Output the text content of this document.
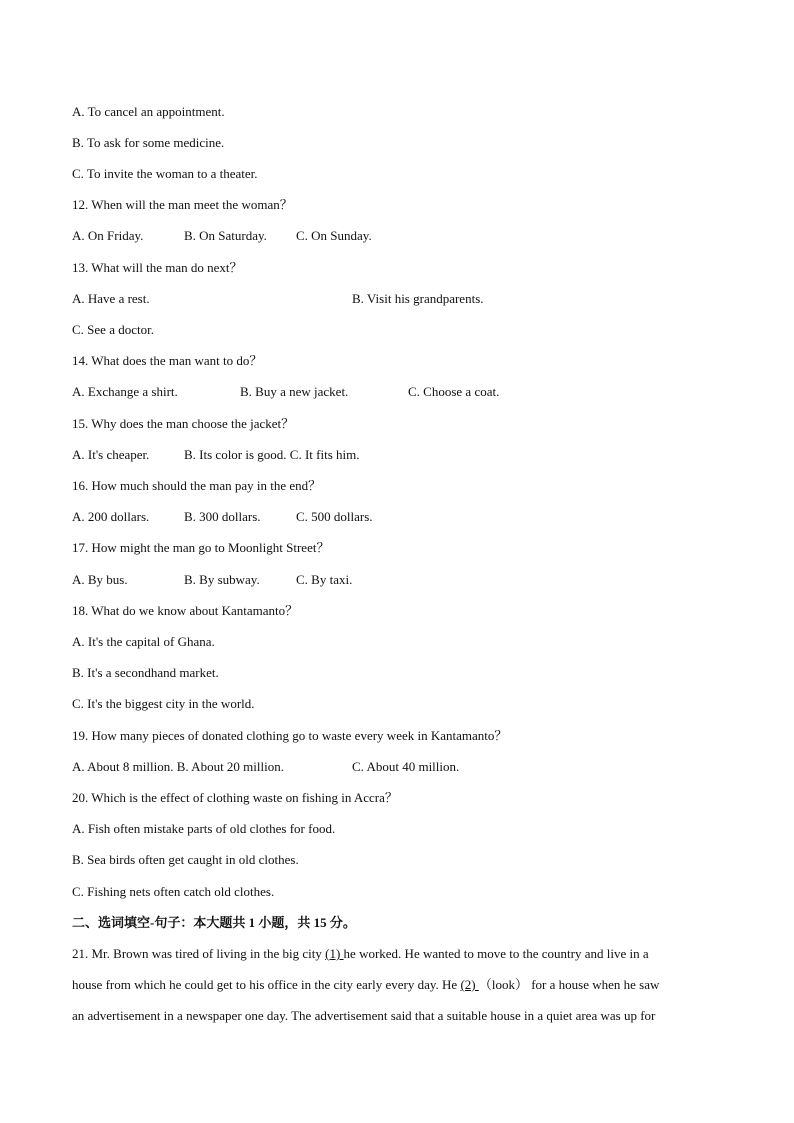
A. To cancel an appointment.
B. To ask for some medicine.
C. To invite the woman to a theater.
12. When will the man meet the woman？
A. On Friday.	B. On Saturday. C. On Sunday.
13. What will the man do next？
A. Have a rest.	B. Visit his grandparents.
C. See a doctor.
14. What does the man want to do？
A. Exchange a shirt.	B. Buy a new jacket.	C. Choose a coat.
15. Why does the man choose the jacket？
A. It's cheaper.	B. Its color is good. C. It fits him.
16. How much should the man pay in the end？
A. 200 dollars.	B. 300 dollars.	C. 500 dollars.
17. How might the man go to Moonlight Street？
A. By bus.	B. By subway.	C. By taxi.
18. What do we know about Kantamanto？
A. It's the capital of Ghana.
B. It's a secondhand market.
C. It's the biggest city in the world.
19. How many pieces of donated clothing go to waste every week in Kantamanto？
A. About 8 million. B. About 20 million.	C. About 40 million.
20. Which is the effect of clothing waste on fishing in Accra？
A. Fish often mistake parts of old clothes for food.
B. Sea birds often get caught in old clothes.
C. Fishing nets often catch old clothes.
二、选词填空-句子：本大题共 1 小题，共 15 分。
21. Mr. Brown was tired of living in the big city (1) he worked. He wanted to move to the country and live in a
house from which he could get to his office in the city early every day. He (2) （look） for a house when he saw
an advertisement in a newspaper one day. The advertisement said that a suitable house in a quiet area was up for
